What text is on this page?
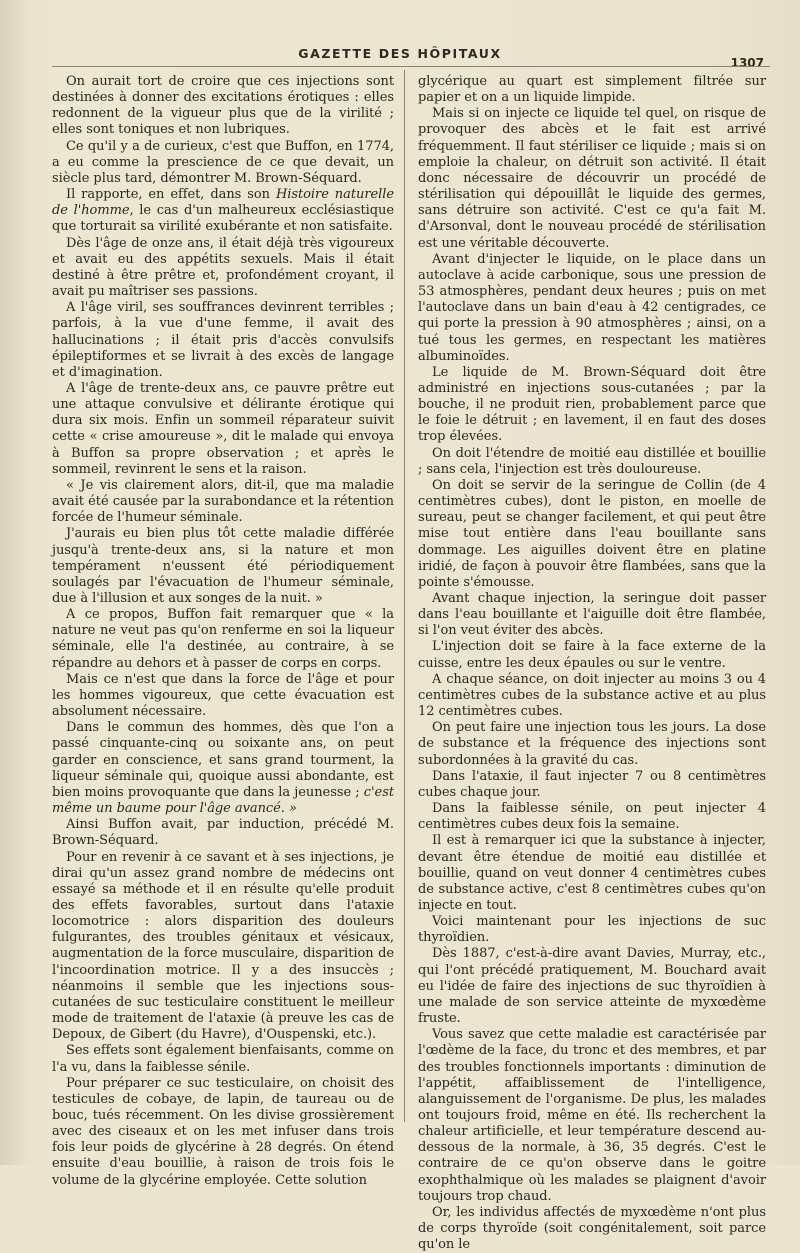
GAZETTE DES HÔPITAUX
1307

On aurait tort de croire que ces injections sont destinées à donner des excitations érotiques : elles redonnent de la vigueur plus que de la virilité ; elles sont toniques et non lubriques.

Ce qu'il y a de curieux, c'est que Buffon, en 1774, a eu comme la prescience de ce que devait, un siècle plus tard, démontrer M. Brown-Séquard.

Il rapporte, en effet, dans son Histoire naturelle de l'homme, le cas d'un malheureux ecclésiastique que torturait sa virilité exubérante et non satisfaite.

Dès l'âge de onze ans, il était déjà très vigoureux et avait eu des appétits sexuels. Mais il était destiné à être prêtre et, profondément croyant, il avait pu maîtriser ses passions.

A l'âge viril, ses souffrances devinrent terribles ; parfois, à la vue d'une femme, il avait des hallucinations ; il était pris d'accès convulsifs épileptiformes et se livrait à des excès de langage et d'imagination.

A l'âge de trente-deux ans, ce pauvre prêtre eut une attaque convulsive et délirante érotique qui dura six mois. Enfin un sommeil réparateur suivit cette « crise amoureuse », dit le malade qui envoya à Buffon sa propre observation ; et après le sommeil, revinrent le sens et la raison.

« Je vis clairement alors, dit-il, que ma maladie avait été causée par la surabondance et la rétention forcée de l'humeur séminale.

J'aurais eu bien plus tôt cette maladie différée jusqu'à trente-deux ans, si la nature et mon tempérament n'eussent été périodiquement soulagés par l'évacuation de l'humeur séminale, due à l'illusion et aux songes de la nuit. »

A ce propos, Buffon fait remarquer que « la nature ne veut pas qu'on renferme en soi la liqueur séminale, elle l'a destinée, au contraire, à se répandre au dehors et à passer de corps en corps.

Mais ce n'est que dans la force de l'âge et pour les hommes vigoureux, que cette évacuation est absolument nécessaire.

Dans le commun des hommes, dès que l'on a passé cinquante-cinq ou soixante ans, on peut garder en conscience, et sans grand tourment, la liqueur séminale qui, quoique aussi abondante, est bien moins provoquante que dans la jeunesse ; c'est même un baume pour l'âge avancé. »

Ainsi Buffon avait, par induction, précédé M. Brown-Séquard.

Pour en revenir à ce savant et à ses injections, je dirai qu'un assez grand nombre de médecins ont essayé sa méthode et il en résulte qu'elle produit des effets favorables, surtout dans l'ataxie locomotrice : alors disparition des douleurs fulgurantes, des troubles génitaux et vésicaux, augmentation de la force musculaire, disparition de l'incoordination motrice. Il y a des insuccès ; néanmoins il semble que les injections sous-cutanées de suc testiculaire constituent le meilleur mode de traitement de l'ataxie (à preuve les cas de Depoux, de Gibert (du Havre), d'Ouspenski, etc.).

Ses effets sont également bienfaisants, comme on l'a vu, dans la faiblesse sénile.

Pour préparer ce suc testiculaire, on choisit des testicules de cobaye, de lapin, de taureau ou de bouc, tués récemment. On les divise grossièrement avec des ciseaux et on les met infuser dans trois fois leur poids de glycérine à 28 degrés. On étend ensuite d'eau bouillie, à raison de trois fois le volume de la glycérine employée. Cette solution

glycérique au quart est simplement filtrée sur papier et on a un liquide limpide.

Mais si on injecte ce liquide tel quel, on risque de provoquer des abcès et le fait est arrivé fréquemment. Il faut stériliser ce liquide ; mais si on emploie la chaleur, on détruit son activité. Il était donc nécessaire de découvrir un procédé de stérilisation qui dépouillât le liquide des germes, sans détruire son activité. C'est ce qu'a fait M. d'Arsonval, dont le nouveau procédé de stérilisation est une véritable découverte.

Avant d'injecter le liquide, on le place dans un autoclave à acide carbonique, sous une pression de 53 atmosphères, pendant deux heures ; puis on met l'autoclave dans un bain d'eau à 42 centigrades, ce qui porte la pression à 90 atmosphères ; ainsi, on a tué tous les germes, en respectant les matières albuminoïdes.

Le liquide de M. Brown-Séquard doit être administré en injections sous-cutanées ; par la bouche, il ne produit rien, probablement parce que le foie le détruit ; en lavement, il en faut des doses trop élevées.

On doit l'étendre de moitié eau distillée et bouillie ; sans cela, l'injection est très douloureuse.

On doit se servir de la seringue de Collin (de 4 centimètres cubes), dont le piston, en moelle de sureau, peut se changer facilement, et qui peut être mise tout entière dans l'eau bouillante sans dommage. Les aiguilles doivent être en platine iridié, de façon à pouvoir être flambées, sans que la pointe s'émousse.

Avant chaque injection, la seringue doit passer dans l'eau bouillante et l'aiguille doit être flambée, si l'on veut éviter des abcès.

L'injection doit se faire à la face externe de la cuisse, entre les deux épaules ou sur le ventre.

A chaque séance, on doit injecter au moins 3 ou 4 centimètres cubes de la substance active et au plus 12 centimètres cubes.

On peut faire une injection tous les jours. La dose de substance et la fréquence des injections sont subordonnées à la gravité du cas.

Dans l'ataxie, il faut injecter 7 ou 8 centimètres cubes chaque jour.

Dans la faiblesse sénile, on peut injecter 4 centimètres cubes deux fois la semaine.

Il est à remarquer ici que la substance à injecter, devant être étendue de moitié eau distillée et bouillie, quand on veut donner 4 centimètres cubes de substance active, c'est 8 centimètres cubes qu'on injecte en tout.

Voici maintenant pour les injections de suc thyroïdien.

Dès 1887, c'est-à-dire avant Davies, Murray, etc., qui l'ont précédé pratiquement, M. Bouchard avait eu l'idée de faire des injections de suc thyroïdien à une malade de son service atteinte de myxœdème fruste.

Vous savez que cette maladie est caractérisée par l'œdème de la face, du tronc et des membres, et par des troubles fonctionnels importants : diminution de l'appétit, affaiblissement de l'intelligence, alanguissement de l'organisme. De plus, les malades ont toujours froid, même en été. Ils recherchent la chaleur artificielle, et leur température descend au-dessous de la normale, à 36, 35 degrés. C'est le contraire de ce qu'on observe dans le goitre exophthalmique où les malades se plaignent d'avoir toujours trop chaud.

Or, les individus affectés de myxœdème n'ont plus de corps thyroïde (soit congénitalement, soit parce qu'on le
